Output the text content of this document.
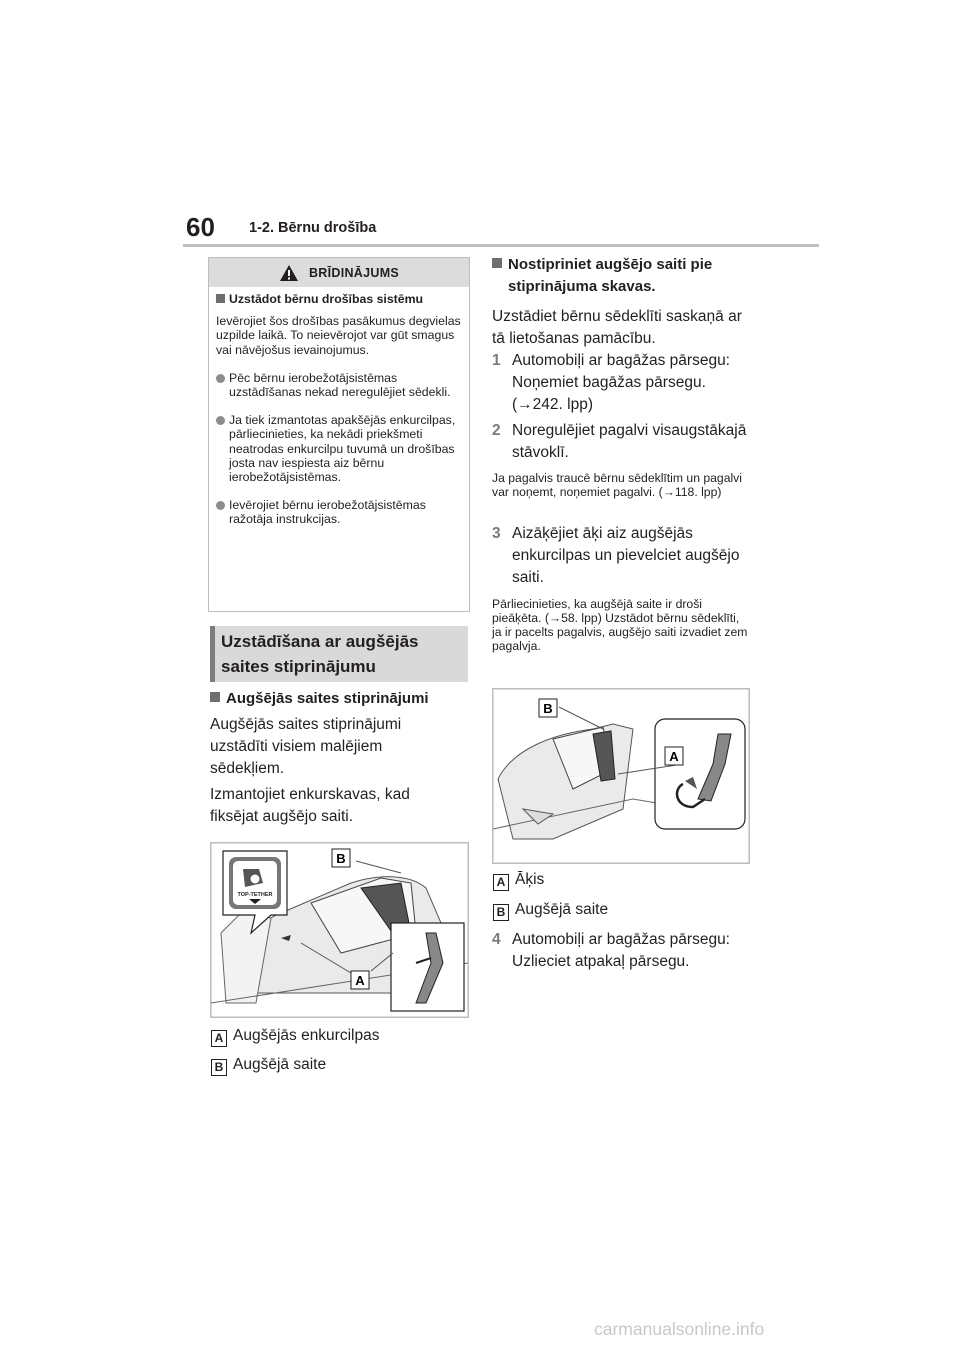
60 1-2. Bērnu drošība
BRĪDINĀJUMS
Uzstādot bērnu drošības sistēmu
Ievērojiet šos drošības pasākumus degvielas uzpilde laikā. To neievērojot var gūt smagus vai nāvējošus ievainojumus.
Pēc bērnu ierobežotājsistēmas uzstādīšanas nekad neregulējiet sēdekli.
Ja tiek izmantotas apakšējās enkurcilpas, pārliecinieties, ka nekādi priekšmeti neatrodas enkurcilpu tuvumā un drošības josta nav iespiesta aiz bērnu ierobežotājsistēmas.
Ievērojiet bērnu ierobežotājsistēmas ražotāja instrukcijas.
Uzstādīšana ar augšējās saites stiprinājumu
Augšējās saites stiprinājumi
Augšējās saites stiprinājumi uzstādīti visiem malējiem sēdekļiem.
Izmantojiet enkurskavas, kad fiksējat augšējo saiti.
TOP-TETHER
B
A
A Augšējās enkurcilpas
B Augšējā saite
Nostipriniet augšējo saiti pie stiprinājuma skavas.
Uzstādiet bērnu sēdeklīti saskaņā ar tā lietošanas pamācību.
1 Automobiļi ar bagāžas pārsegu: Noņemiet bagāžas pārsegu. (→242. lpp)
2 Noregulējiet pagalvi visaugstākajā stāvoklī.
Ja pagalvis traucē bērnu sēdeklītim un pagalvi var noņemt, noņemiet pagalvi. (→118. lpp)
3 Aizāķējiet āķi aiz augšējās enkurcilpas un pievelciet augšējo saiti.
Pārliecinieties, ka augšējā saite ir droši pieāķēta. (→58. lpp) Uzstādot bērnu sēdeklīti, ja ir pacelts pagalvis, augšējo saiti izvadiet zem pagalvja.
B
A
A Āķis
B Augšējā saite
4 Automobiļi ar bagāžas pārsegu: Uzlieciet atpakaļ pārsegu.
carmanualsonline.info
